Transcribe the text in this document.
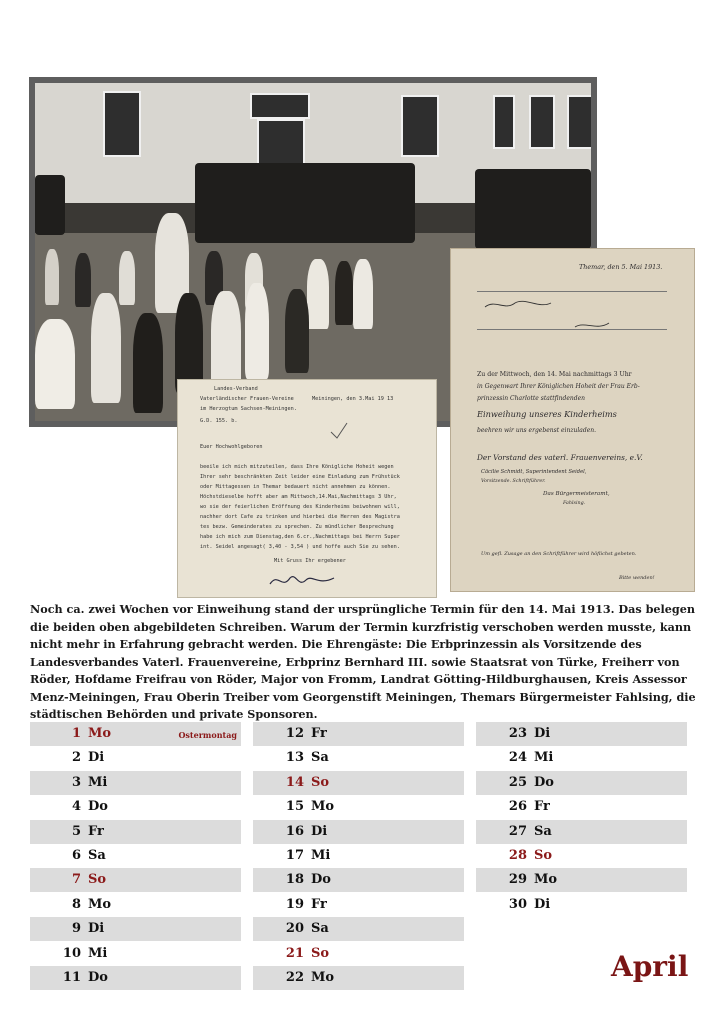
Landes-Verband
Vaterländischer Frauen-Vereine
im Herzogtum Sachsen-Meiningen.
G.D. 155. b.
Meiningen, den 3.Mai 19 13
Euer Hochwohlgeboren
beeile ich mich mitzuteilen, dass Ihre Königliche Hoheit wegen
Ihrer sehr beschränkten Zeit leider eine Einladung zum Frühstück
oder Mittagessen in Themar bedauert nicht annehmen zu können.
Höchstdieselbe hofft aber am Mittwoch,14.Mai,Nachmittags 3 Uhr,
wo sie der feierlichen Eröffnung des Kinderheims beiwohnen will,
nachher dort Cafe zu trinken und hierbei die Herren des Magistra
tes bezw. Gemeinderates zu sprechen. Zu mündlicher Besprechung
habe ich mich zum Dienstag,den 6.cr.,Nachmittags bei Herrn Super
int. Seidel angesagt( 3,40 - 3,54 ) und hoffe auch Sie zu sehen.
Mit Gruss Ihr ergebener
Themar, den 5. Mai 1913.
Zu der Mittwoch, den 14. Mai nachmittags 3 Uhr
in Gegenwart Ihrer Königlichen Hoheit der Frau Erb-
prinzessin Charlotte stattfindenden
Einweihung unseres Kinderheims
beehren wir uns ergebenst einzuladen.
Der Vorstand des vaterl. Frauenvereins, e.V.
Cäcilie Schmidt, Superintendent Seidel,
Vorsitzende. Schriftführer.
Das Bürgermeisteramt,
Fahlsing.
Um gefl. Zusage an den Schriftführer wird höflichst gebeten.
Bitte wenden!
Noch ca. zwei Wochen vor Einweihung stand der ursprüngliche Termin für den 14. Mai 1913. Das belegen die beiden oben abgebildeten Schreiben. Warum der Termin kurzfristig verschoben werden musste, kann nicht mehr in Erfahrung gebracht werden. Die Ehrengäste: Die Erbprinzessin als Vorsitzende des Landesverbandes Vaterl. Frauenvereine, Erbprinz Bernhard III. sowie Staatsrat von Türke, Freiherr von Röder, Hofdame Freifrau von Röder, Major von Fromm, Landrat Götting-Hildburghausen, Kreis Assessor Menz-Meiningen, Frau Oberin Treiber vom Georgenstift Meiningen, Themars Bürgermeister Fahlsing, die städtischen Behörden und private Sponsoren.
1 Mo	Ostermontag
2 Di
3 Mi
4 Do
5 Fr
6 Sa
7 So
8 Mo
9 Di
10 Mi
11 Do
12 Fr
13 Sa
14 So
15 Mo
16 Di
17 Mi
18 Do
19 Fr
20 Sa
21 So
22 Mo
23 Di
24 Mi
25 Do
26 Fr
27 Sa
28 So
29 Mo
30 Di
April
